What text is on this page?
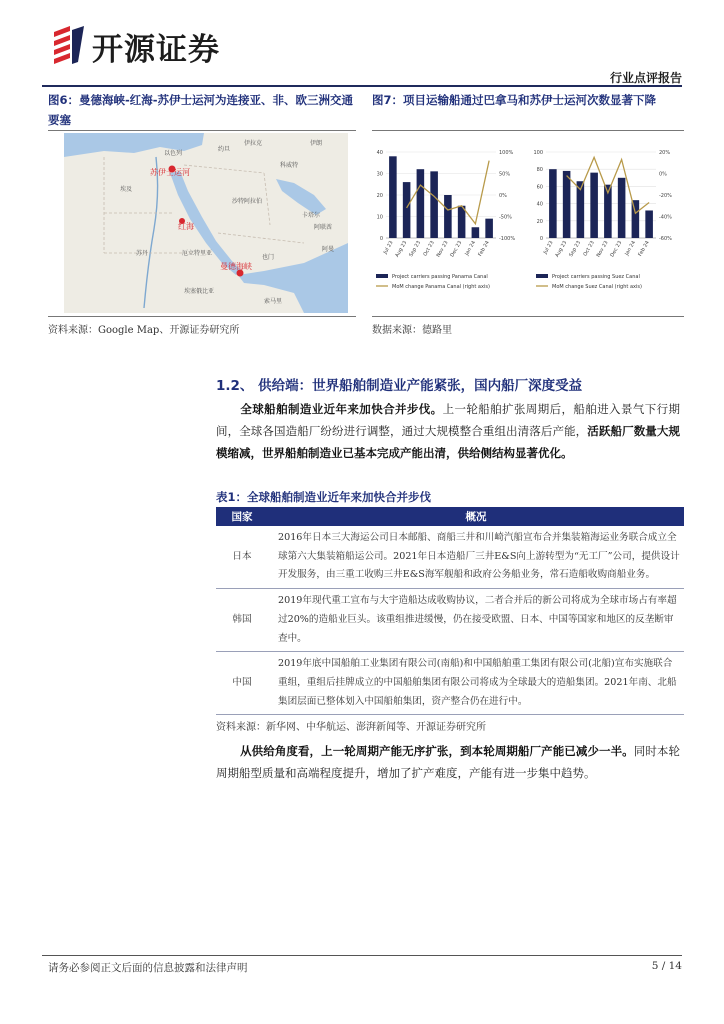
开源证券
行业点评报告
图6：曼德海峡-红海-苏伊士运河为连接亚、非、欧三洲交通要塞
图7：项目运输船通过巴拿马和苏伊士运河次数显著下降
苏伊士运河
红海
曼德海峡
以色列
约旦
伊拉克	伊朗
科威特
沙特阿拉伯
卡塔尔
阿联酋
阿曼
也门
埃及
苏丹	厄立特里亚
埃塞俄比亚
索马里
0
10
20
30
40
-100%
-50%
0%
50%
100%
Jul 23 Aug 23 Sep 23 Oct 23 Nov 23 Dec 23 Jan 24 Feb 24
Project carriers passing Panama Canal
MoM change Panama Canal (right axis)
0
20
40
60
80
100
-60%
-40%
-20%
0%
20%
Jul 23 Aug 23 Sep 23 Oct 23 Nov 23 Dec 23 Jan 24 Feb 24
Project carriers passing Suez Canal
MoM change Suez Canal (right axis)
资料来源：Google Map、开源证券研究所	数据来源：德路里
1.2、 供给端：世界船舶制造业产能紧张，国内船厂深度受益
全球船舶制造业近年来加快合并步伐。上一轮船舶扩张周期后，船舶进入景气下行期间，全球各国造船厂纷纷进行调整，通过大规模整合重组出清落后产能，活跃船厂数量大规模缩减，世界船舶制造业已基本完成产能出清，供给侧结构显著优化。
表1：全球船舶制造业近年来加快合并步伐
国家	概况
日本	2016年日本三大海运公司日本邮船、商船三井和川崎汽船宣布合并集装箱海运业务联合成立全球第六大集装箱船运公司。2021年日本造船厂三井E&S向上游转型为“无工厂”公司，提供设计开发服务，由三重工收购三井E&S海军舰船和政府公务船业务，常石造船收购商船业务。
韩国	2019年现代重工宣布与大宇造船达成收购协议，二者合并后的新公司将成为全球市场占有率超过20%的造船业巨头。该重组推进缓慢，仍在接受欧盟、日本、中国等国家和地区的反垄断审查中。
中国	2019年底中国船舶工业集团有限公司(南船)和中国船舶重工集团有限公司(北船)宣布实施联合重组，重组后挂牌成立的中国船舶集团有限公司将成为全球最大的造船集团。2021年南、北船集团层面已整体划入中国船舶集团，资产整合仍在进行中。
资料来源：新华网、中华航运、澎湃新闻等、开源证券研究所
从供给角度看，上一轮周期产能无序扩张，到本轮周期船厂产能已减少一半。同时本轮周期船型质量和高端程度提升，增加了扩产难度，产能有进一步集中趋势。
请务必参阅正文后面的信息披露和法律声明	5 / 14
